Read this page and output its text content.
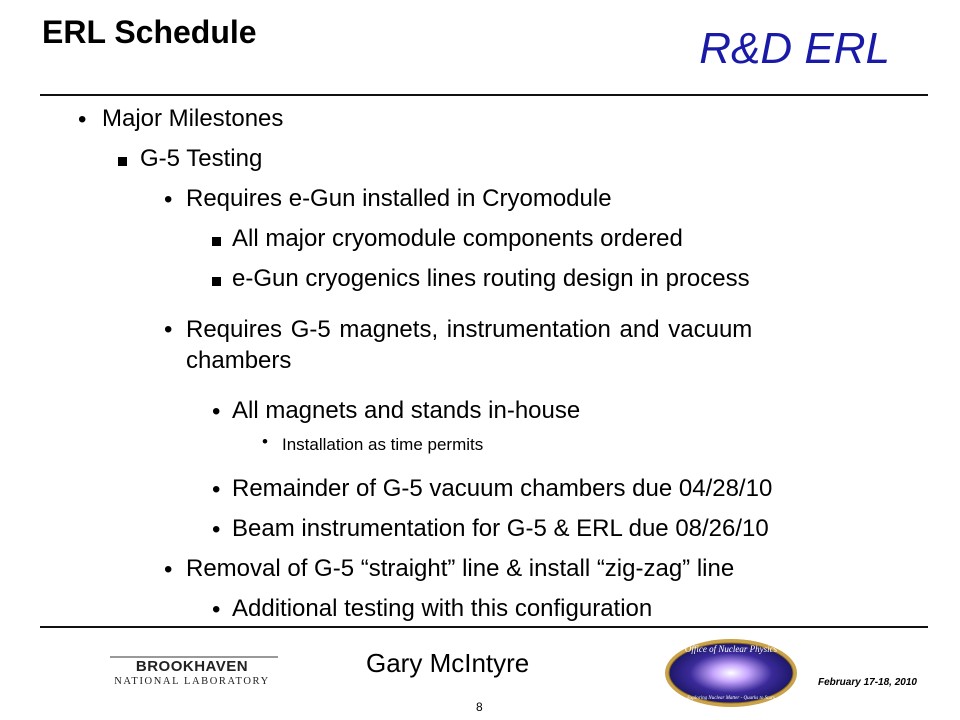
ERL Schedule	R&D ERL
• Major Milestones
G-5 Testing
• Requires e-Gun installed in Cryomodule
All major cryomodule components ordered
e-Gun cryogenics lines routing design in process
• Requires G-5 magnets, instrumentation and vacuum chambers
• All magnets and stands in-house
• Installation as time permits
• Remainder of G-5 vacuum chambers due 04/28/10
• Beam instrumentation for G-5 & ERL due 08/26/10
• Removal of G-5 “straight” line & install “zig-zag” line
• Additional testing with this configuration
BROOKHAVEN
NATIONAL LABORATORY
Gary McIntyre	Office of Nuclear Physics
Exploring Nuclear Matter - Quarks to Stars
February 17-18, 2010
8
